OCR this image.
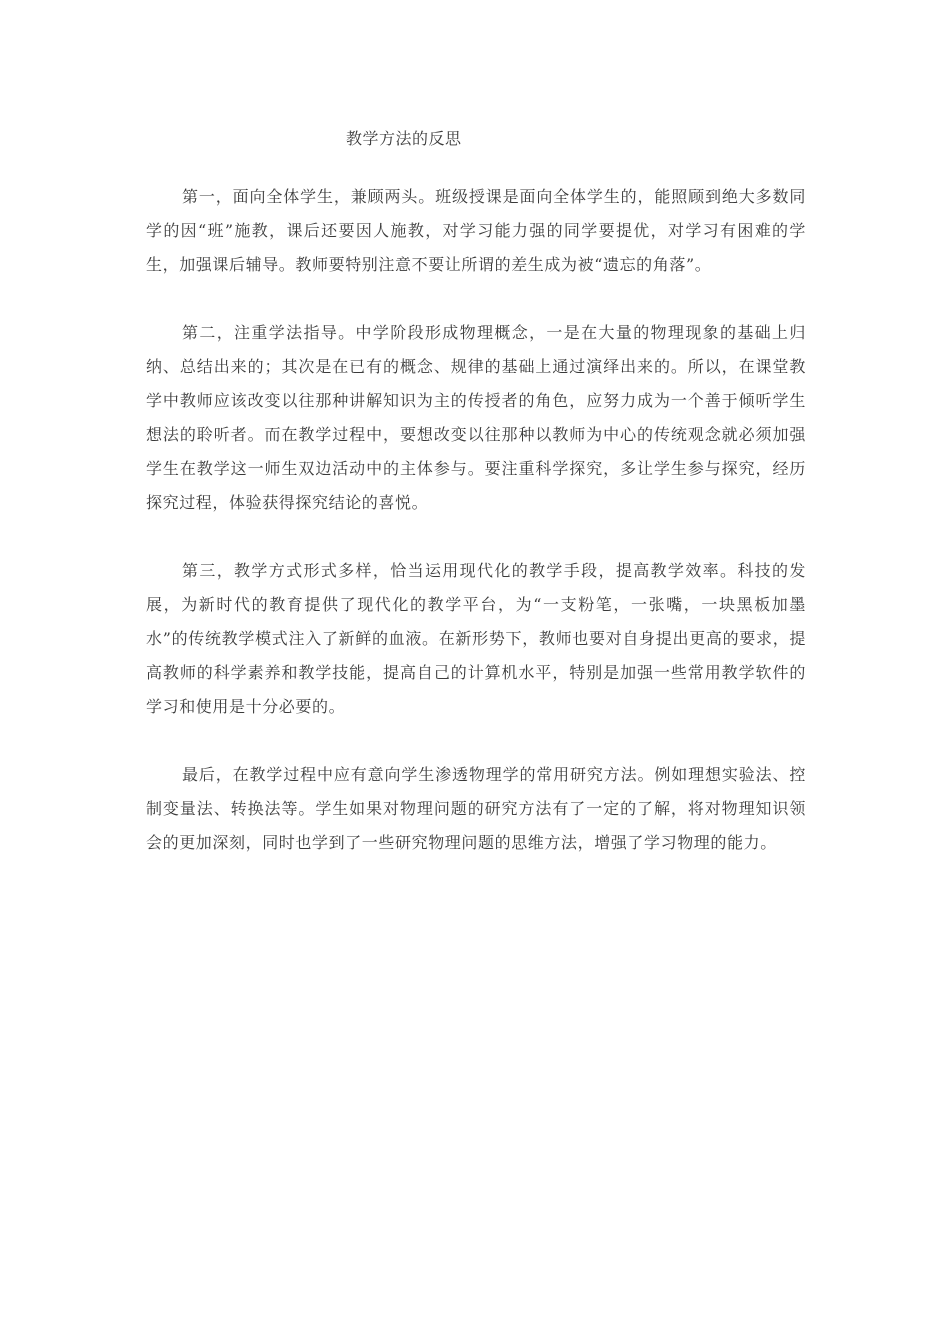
教学方法的反思

第一，面向全体学生，兼顾两头。班级授课是面向全体学生的，能照顾到绝大多数同学的因“班”施教，课后还要因人施教，对学习能力强的同学要提优，对学习有困难的学生，加强课后辅导。教师要特别注意不要让所谓的差生成为被“遗忘的角落”。

第二，注重学法指导。中学阶段形成物理概念，一是在大量的物理现象的基础上归纳、总结出来的；其次是在已有的概念、规律的基础上通过演绎出来的。所以，在课堂教学中教师应该改变以往那种讲解知识为主的传授者的角色，应努力成为一个善于倾听学生想法的聆听者。而在教学过程中，要想改变以往那种以教师为中心的传统观念就必须加强学生在教学这一师生双边活动中的主体参与。要注重科学探究，多让学生参与探究，经历探究过程，体验获得探究结论的喜悦。

第三，教学方式形式多样，恰当运用现代化的教学手段，提高教学效率。科技的发展，为新时代的教育提供了现代化的教学平台，为“一支粉笔，一张嘴，一块黑板加墨水”的传统教学模式注入了新鲜的血液。在新形势下，教师也要对自身提出更高的要求，提高教师的科学素养和教学技能，提高自己的计算机水平，特别是加强一些常用教学软件的学习和使用是十分必要的。

最后，在教学过程中应有意向学生渗透物理学的常用研究方法。例如理想实验法、控制变量法、转换法等。学生如果对物理问题的研究方法有了一定的了解，将对物理知识领会的更加深刻，同时也学到了一些研究物理问题的思维方法，增强了学习物理的能力。
